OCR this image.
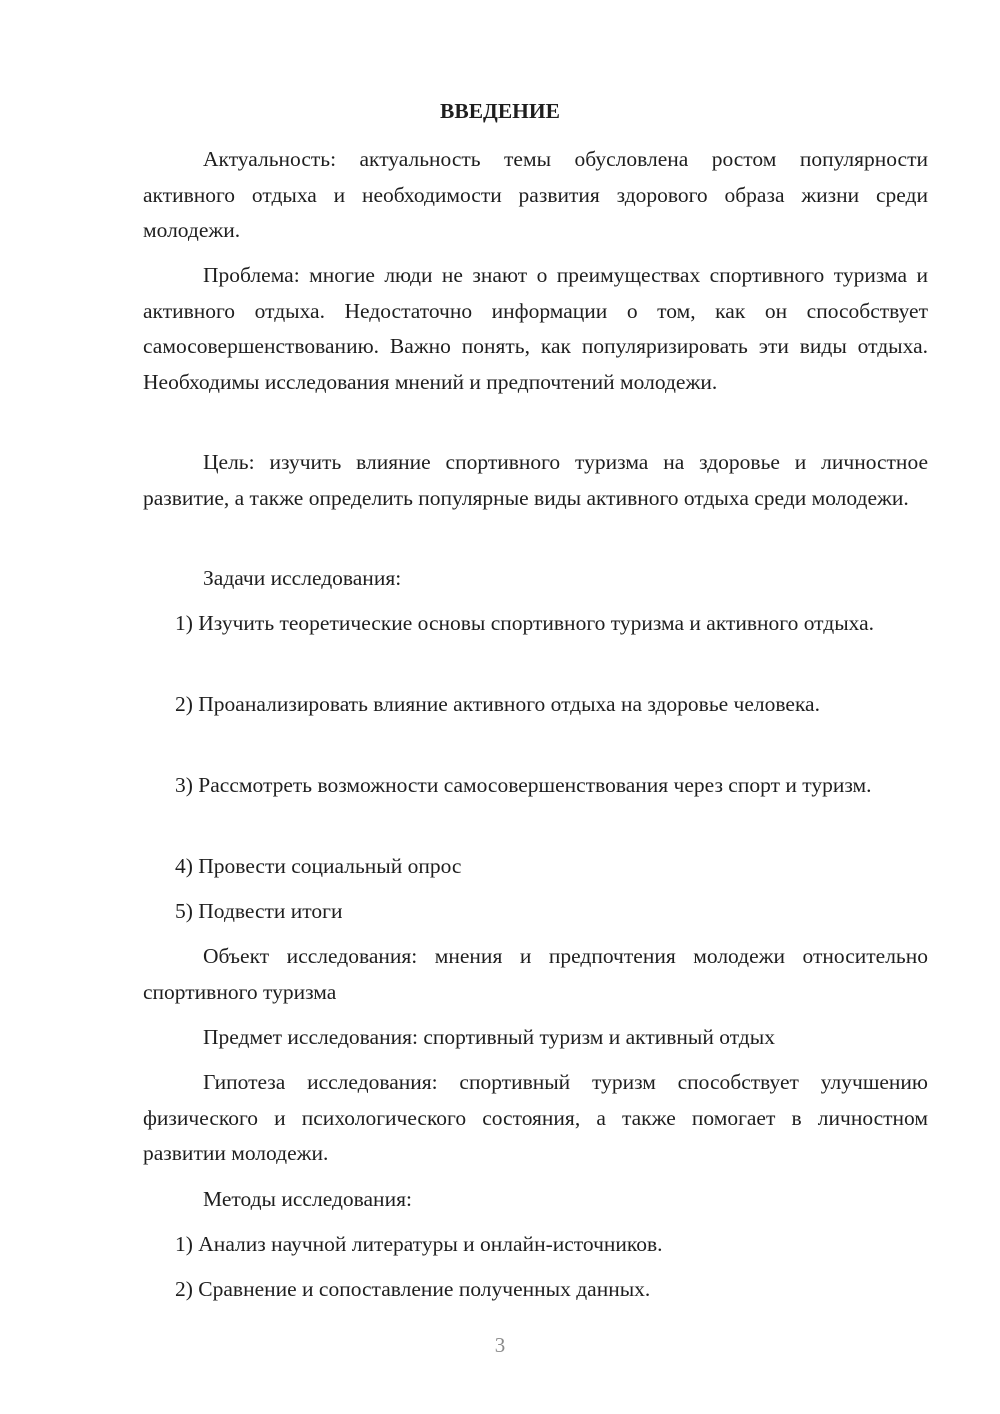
ВВЕДЕНИЕ

Актуальность: актуальность темы обусловлена ростом популярности активного отдыха и необходимости развития здорового образа жизни среди молодежи.

Проблема: многие люди не знают о преимуществах спортивного туризма и активного отдыха. Недостаточно информации о том, как он способствует самосовершенствованию. Важно понять, как популяризировать эти виды отдыха. Необходимы исследования мнений и предпочтений молодежи.

Цель: изучить влияние спортивного туризма на здоровье и личностное развитие, а также определить популярные виды активного отдыха среди молодежи.

Задачи исследования:

1) Изучить теоретические основы спортивного туризма и активного отдыха.

2) Проанализировать влияние активного отдыха на здоровье человека.

3) Рассмотреть возможности самосовершенствования через спорт и туризм.

4) Провести социальный опрос

5) Подвести итоги

Объект исследования: мнения и предпочтения молодежи относительно спортивного туризма

Предмет исследования: спортивный туризм и активный отдых

Гипотеза исследования: спортивный туризм способствует улучшению физического и психологического состояния, а также помогает в личностном развитии молодежи.

Методы исследования:

1) Анализ научной литературы и онлайн-источников.

2) Сравнение и сопоставление полученных данных.

3
